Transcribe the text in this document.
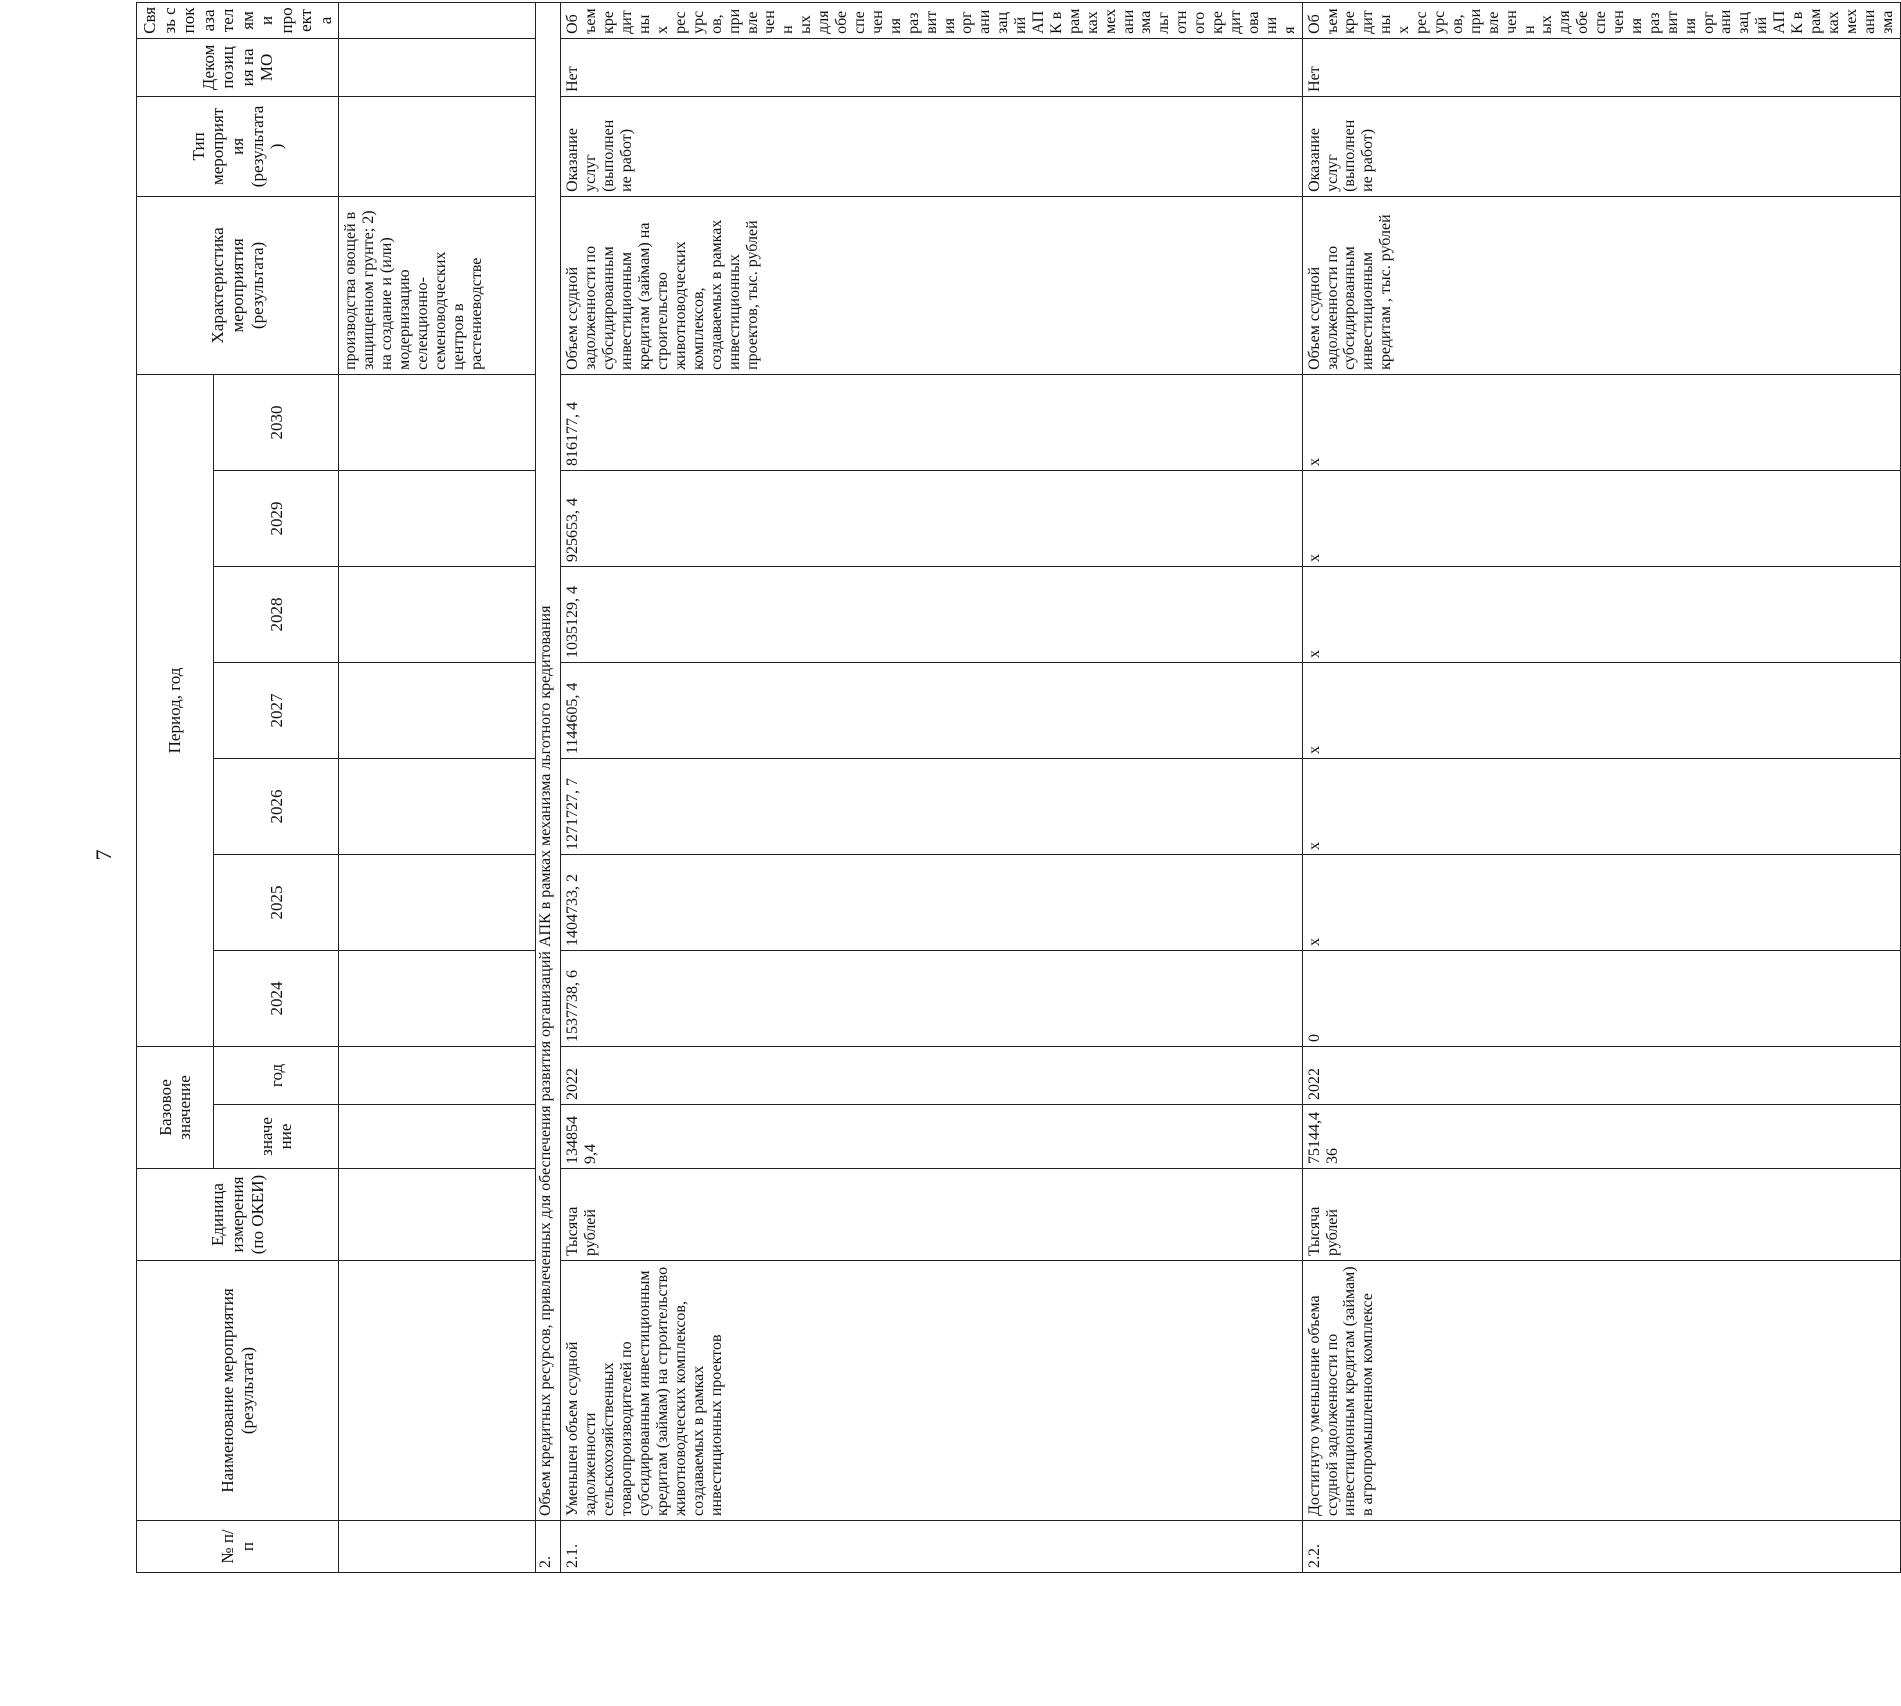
7
№ п/п	Наименование мероприятия (результата)	Единица измерения (по ОКЕИ)	Базовое значение		Период, год							Характеристика мероприятия (результата)	Тип мероприят ия (результата )	Деком позиц ия на МО	Связь с показателям и проекта
			значе ние	год	2024	2025	2026	2027	2028	2029	2030				
												производства овощей в защищенном грунте; 2) на создание и (или) модернизацию селекционно- семеноводческих центров в растениеводстве			
2.	Объем кредитных ресурсов, привлеченных для обеспечения развития организаций АПК в рамках механизма льготного кредитования														
2.1.	Уменьшен объем ссудной задолженности сельскохозяйственных товаропроизводителей по субсидированным инвестиционным кредитам (займам) на строительство животноводческих комплексов, создаваемых в рамках инвестиционных проектов	Тысяча рублей	134854 9,4	2022	1537738, 6	1404733, 2	1271727, 7	1144605, 4	1035129, 4	925653, 4	816177, 4	Объем ссудной задолженности по субсидированным инвестиционным кредитам (займам) на строительство животноводческих комплексов, создаваемых в рамках инвестиционных проектов, тыс. рублей	Оказание услуг (выполнен ие работ)	Нет	Объем кредитных ресурсов, привлеченн ых для обеспечения развития организаций АПК в рамках механизма льготного кредитовани я
2.2.	Достигнуто уменьшение объема ссудной задолженности по инвестиционным кредитам (займам) в агропромышленном комплексе	Тысяча рублей	75144,4 36	2022	0	x	x	x	x	x	x	Объем ссудной задолженности по субсидированным инвестиционным кредитам , тыс. рублей	Оказание услуг (выполнен ие работ)	Нет	Объем кредитных ресурсов, привлеченн ых для обеспечения развития организаций АПК в рамках механизма
